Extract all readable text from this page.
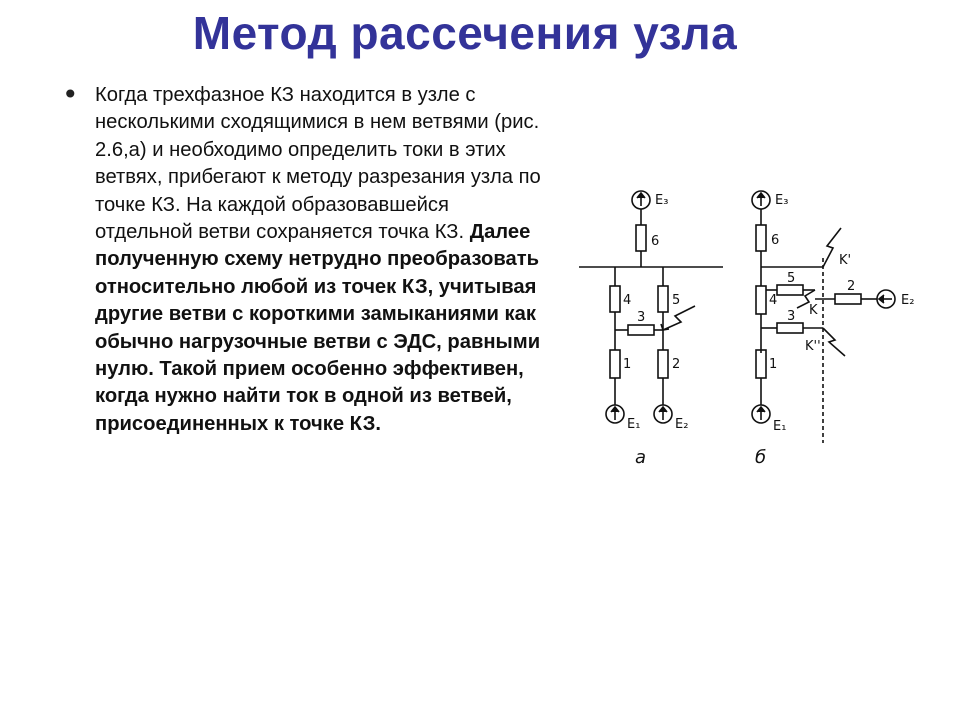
Метод рассечения узла
• Когда трехфазное КЗ находится в узле с несколькими сходящимися в нем ветвями (рис. 2.6,а) и необходимо определить токи в этих ветвях, прибегают к методу разрезания узла по точке КЗ. На каждой образовавшейся отдельной ветви сохраняется точка КЗ. Далее полученную схему нетрудно преобразовать относительно любой из точек КЗ, учитывая другие ветви с короткими замыканиями как обычно нагрузочные ветви с ЭДС, равными нулю. Такой прием особенно эффективен, когда нужно найти ток в одной из ветвей, присоединенных к точке КЗ.

E₃
6
4	5
3
1	2
E₁	E₂
а
E₃
6
5
4
3
1
2
K'
K
K''
E₂
E₁
б
